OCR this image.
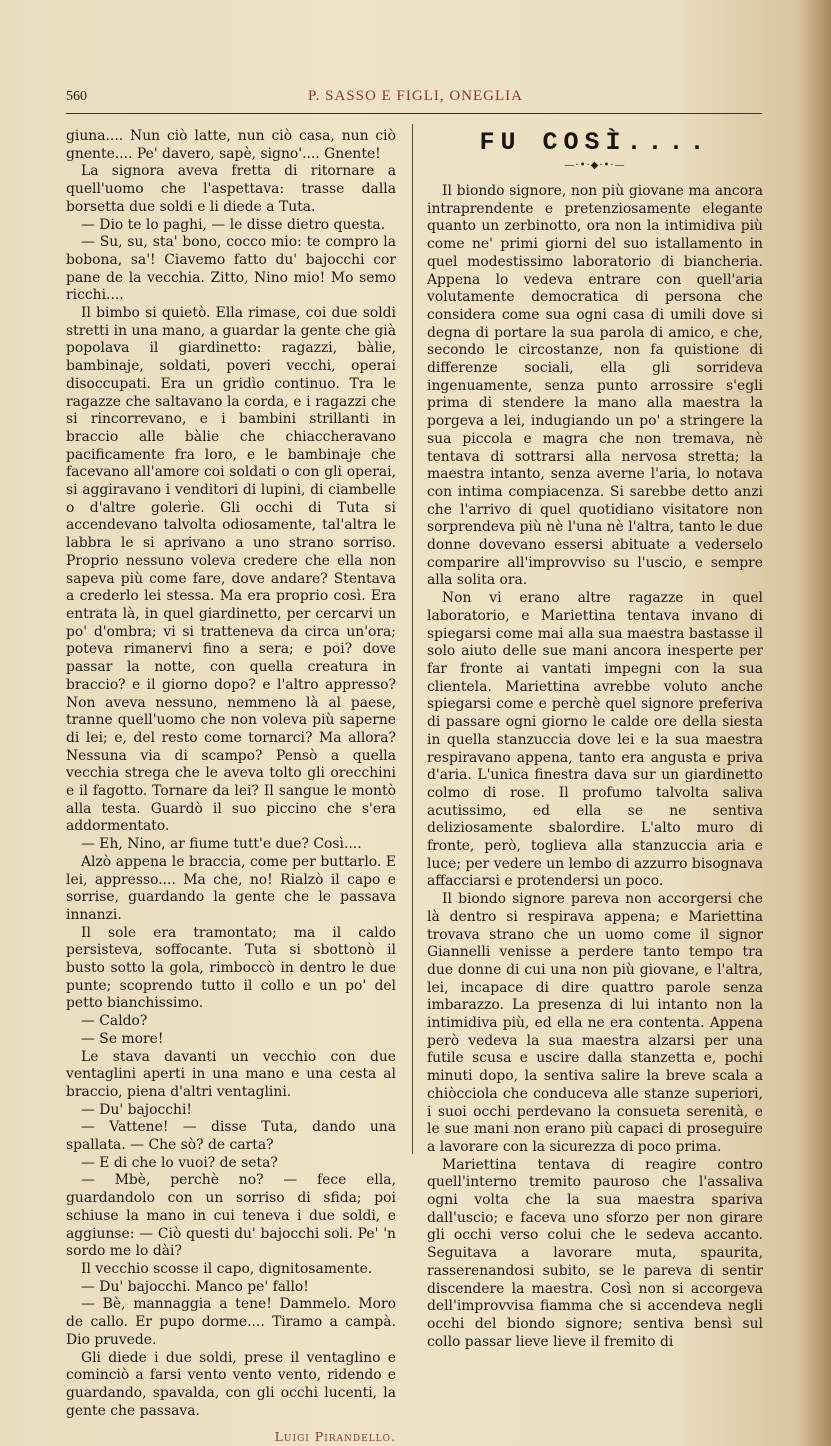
560	P. SASSO E FIGLI, ONEGLIA

giuna.... Nun ciò latte, nun ciò casa, nun ciò gnente.... Pe' davero, sapè, signo'.... Gnente!

La signora aveva fretta di ritornare a quell'uomo che l'aspettava: trasse dalla borsetta due soldi e li diede a Tuta.

— Dio te lo paghi, — le disse dietro questa.

— Su, su, sta' bono, cocco mio: te compro la bobona, sa'! Ciavemo fatto du' bajocchi cor pane de la vecchia. Zitto, Nino mio! Mo semo ricchi....

Il bimbo si quietò. Ella rimase, coi due soldi stretti in una mano, a guardar la gente che già popolava il giardinetto: ragazzi, bàlie, bambinaje, soldati, poveri vecchi, operai disoccupati. Era un gridìo continuo. Tra le ragazze che saltavano la corda, e i ragazzi che si rincorrevano, e i bambini strillanti in braccio alle bàlie che chiaccheravano pacificamente fra loro, e le bambinaje che facevano all'amore coi soldati o con gli operai, si aggiravano i venditori di lupini, di ciambelle o d'altre golerìe. Gli occhi di Tuta si accendevano talvolta odiosamente, tal'altra le labbra le si aprivano a uno strano sorriso. Proprio nessuno voleva credere che ella non sapeva più come fare, dove andare? Stentava a crederlo lei stessa. Ma era proprio così. Era entrata là, in quel giardinetto, per cercarvi un po' d'ombra; vi si tratteneva da circa un'ora; poteva rimanervi fino a sera; e poi? dove passar la notte, con quella creatura in braccio? e il giorno dopo? e l'altro appresso? Non aveva nessuno, nemmeno là al paese, tranne quell'uomo che non voleva più saperne di lei; e, del resto come tornarci? Ma allora? Nessuna via di scampo? Pensò a quella vecchia strega che le aveva tolto gli orecchini e il fagotto. Tornare da lei? Il sangue le montò alla testa. Guardò il suo piccino che s'era addormentato.

— Eh, Nino, ar fiume tutt'e due? Così....

Alzò appena le braccia, come per buttarlo. E lei, appresso.... Ma che, no! Rialzò il capo e sorrise, guardando la gente che le passava innanzi.

Il sole era tramontato; ma il caldo persisteva, soffocante. Tuta si sbottonò il busto sotto la gola, rimboccò in dentro le due punte; scoprendo tutto il collo e un po' del petto bianchissimo.

— Caldo?

— Se more!

Le stava davanti un vecchio con due ventaglini aperti in una mano e una cesta al braccio, piena d'altri ventaglini.

— Du' bajocchi!

— Vattene! — disse Tuta, dando una spallata. — Che sò? de carta?

— E di che lo vuoi? de seta?

— Mbè, perchè no? — fece ella, guardandolo con un sorriso di sfida; poi schiuse la mano in cui teneva i due soldi, e aggiunse: — Ciò questi du' bajocchi soli. Pe' 'n sordo me lo dài?

Il vecchio scosse il capo, dignitosamente.

— Du' bajocchi. Manco pe' fallo!

— Bè, mannaggia a tene! Dammelo. Moro de callo. Er pupo dorme.... Tiramo a campà. Dio pruvede.

Gli diede i due soldi, prese il ventaglino e cominciò a farsi vento vento vento, ridendo e guardando, spavalda, con gli occhi lucenti, la gente che passava.

Luigi Pirandello.
FU COSÌ....
—·•·◆·•·—

Il biondo signore, non più giovane ma ancora intraprendente e pretenziosamente elegante quanto un zerbinotto, ora non la intimidiva più come ne' primi giorni del suo istallamento in quel modestissimo laboratorio di biancheria. Appena lo vedeva entrare con quell'aria volutamente democratica di persona che considera come sua ogni casa di umili dove si degna di portare la sua parola di amico, e che, secondo le circostanze, non fa quistione di differenze sociali, ella gli sorrideva ingenuamente, senza punto arrossire s'egli prima di stendere la mano alla maestra la porgeva a lei, indugiando un po' a stringere la sua piccola e magra che non tremava, nè tentava di sottrarsi alla nervosa stretta; la maestra intanto, senza averne l'aria, lo notava con intima compiacenza. Si sarebbe detto anzi che l'arrivo di quel quotidiano visitatore non sorprendeva più nè l'una nè l'altra, tanto le due donne dovevano essersi abituate a vederselo comparire all'improvviso su l'uscio, e sempre alla solita ora.

Non vi erano altre ragazze in quel laboratorio, e Mariettina tentava invano di spiegarsi come mai alla sua maestra bastasse il solo aiuto delle sue mani ancora inesperte per far fronte ai vantati impegni con la sua clientela. Mariettina avrebbe voluto anche spiegarsi come e perchè quel signore preferiva di passare ogni giorno le calde ore della siesta in quella stanzuccia dove lei e la sua maestra respiravano appena, tanto era angusta e priva d'aria. L'unica finestra dava sur un giardinetto colmo di rose. Il profumo talvolta saliva acutissimo, ed ella se ne sentiva deliziosamente sbalordire. L'alto muro di fronte, però, toglieva alla stanzuccia aria e luce; per vedere un lembo di azzurro bisognava affacciarsi e protendersi un poco.

Il biondo signore pareva non accorgersi che là dentro si respirava appena; e Mariettina trovava strano che un uomo come il signor Giannelli venisse a perdere tanto tempo tra due donne di cui una non più giovane, e l'altra, lei, incapace di dire quattro parole senza imbarazzo. La presenza di lui intanto non la intimidiva più, ed ella ne era contenta. Appena però vedeva la sua maestra alzarsi per una futile scusa e uscire dalla stanzetta e, pochi minuti dopo, la sentiva salire la breve scala a chiòcciola che conduceva alle stanze superiori, i suoi occhi perdevano la consueta serenità, e le sue mani non erano più capaci di proseguire a lavorare con la sicurezza di poco prima.

Mariettina tentava di reagire contro quell'interno tremito pauroso che l'assaliva ogni volta che la sua maestra spariva dall'uscio; e faceva uno sforzo per non girare gli occhi verso colui che le sedeva accanto. Seguitava a lavorare muta, spaurita, rasserenandosi subito, se le pareva di sentir discendere la maestra. Così non si accorgeva dell'improvvisa fiamma che si accendeva negli occhi del biondo signore; sentiva bensì sul collo passar lieve lieve il fremito di
